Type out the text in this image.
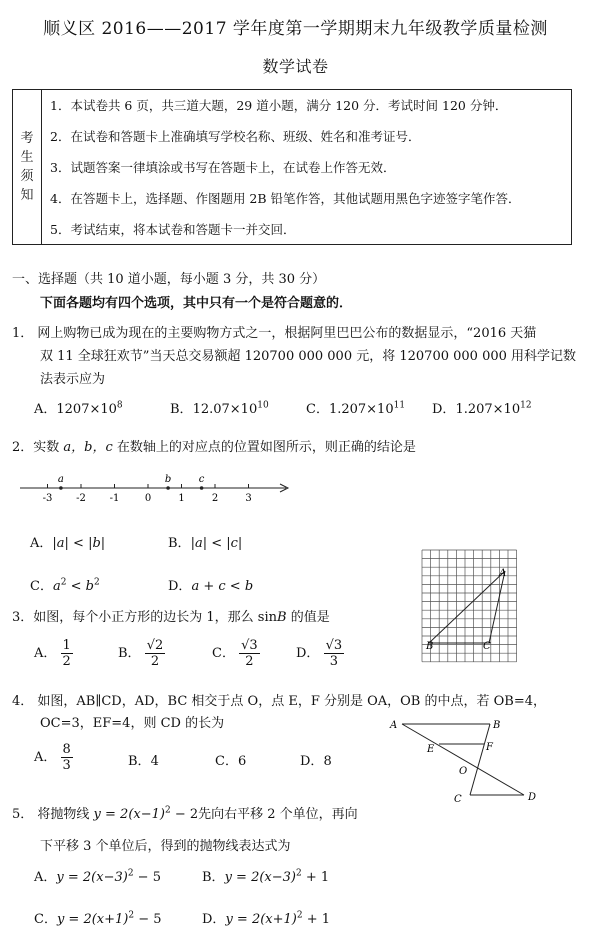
顺义区 2016——2017 学年度第一学期期末九年级教学质量检测
数学试卷
考
生
须
知
1．本试卷共 6 页，共三道大题，29 道小题，满分 120 分．考试时间 120 分钟．
2．在试卷和答题卡上准确填写学校名称、班级、姓名和准考证号．
3．试题答案一律填涂或书写在答题卡上，在试卷上作答无效．
4．在答题卡上，选择题、作图题用 2B 铅笔作答，其他试题用黑色字迹签字笔作答．
5．考试结束，将本试卷和答题卡一并交回．
一、选择题（共 10 道小题，每小题 3 分，共 30 分）
下面各题均有四个选项，其中只有一个是符合题意的．
1． 网上购物已成为现在的主要购物方式之一，根据阿里巴巴公布的数据显示，“2016 天猫
双 11 全球狂欢节”当天总交易额超 120700 000 000 元，将 120700 000 000 用科学记数
法表示应为
A．$1207\times 10^8$	B．$12.07\times 10^{10}$	C．$1.207\times 10^{11}$ D．$1.207\times 10^{12}$
2．实数 a，b，c 在数轴上的对应点的位置如图所示，则正确的结论是
-3 -2 -1	0	1	2	3
a	b	c
A．|a| < |b|	B．|a| < |c|
C．$a^2 < b^2$	D．a + c < b
A
B	C
3．如图，每个小正方形的边长为 1，那么 sinB 的值是
A． $\frac{1}{2}$	B． $\frac{√2}{2}$	C． $\frac{√3}{2}$	D． $\frac{√3}{3}$
4． 如图，AB∥CD，AD，BC 相交于点 O，点 E，F 分别是 OA，OB 的中点，若 OB=4，
OC=3，EF=4，则 CD 的长为	A	B
E	F
O
C	D
A． $\frac{8}{3}$	B．4	C．6	D．8
5． 将抛物线 $y = 2(x-1)^2 - 2$先向右平移 2 个单位，再向
下平移 3 个单位后，得到的抛物线表达式为
A．$y = 2(x-3)^2 - 5$	B．$y = 2(x-3)^2 + 1$
C．$y = 2(x+1)^2 - 5$	D．$y = 2(x+1)^2 + 1$
